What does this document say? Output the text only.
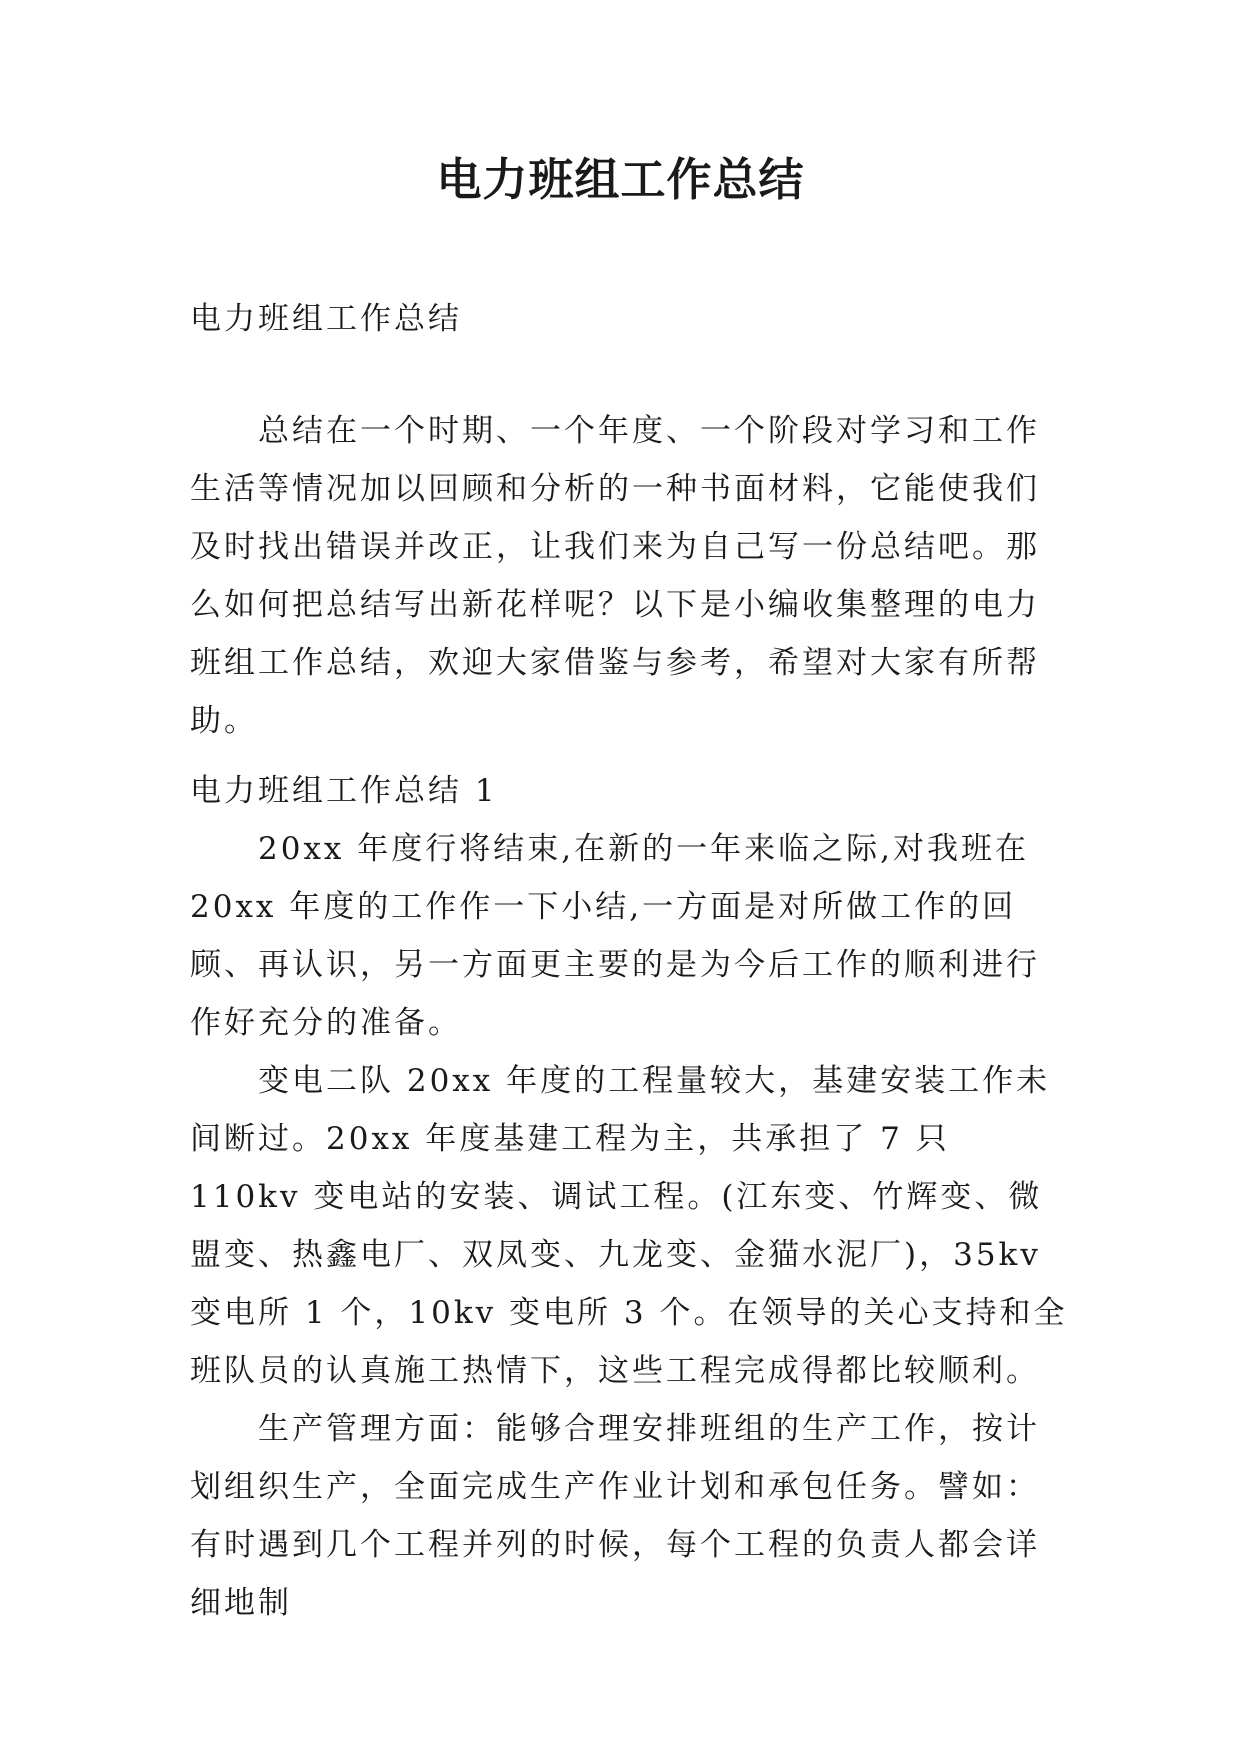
电力班组工作总结

电力班组工作总结

总结在一个时期、一个年度、一个阶段对学习和工作生活等情况加以回顾和分析的一种书面材料，它能使我们及时找出错误并改正，让我们来为自己写一份总结吧。那么如何把总结写出新花样呢？以下是小编收集整理的电力班组工作总结，欢迎大家借鉴与参考，希望对大家有所帮助。

电力班组工作总结 1

20xx 年度行将结束,在新的一年来临之际,对我班在 20xx 年度的工作作一下小结,一方面是对所做工作的回顾、再认识，另一方面更主要的是为今后工作的顺利进行作好充分的准备。

变电二队 20xx 年度的工程量较大，基建安装工作未间断过。20xx 年度基建工程为主，共承担了 7 只 110kv 变电站的安装、调试工程。(江东变、竹辉变、微盟变、热鑫电厂、双凤变、九龙变、金猫水泥厂)，35kv 变电所 1 个，10kv 变电所 3 个。在领导的关心支持和全班队员的认真施工热情下，这些工程完成得都比较顺利。

生产管理方面：能够合理安排班组的生产工作，按计划组织生产，全面完成生产作业计划和承包任务。譬如：有时遇到几个工程并列的时候，每个工程的负责人都会详细地制
